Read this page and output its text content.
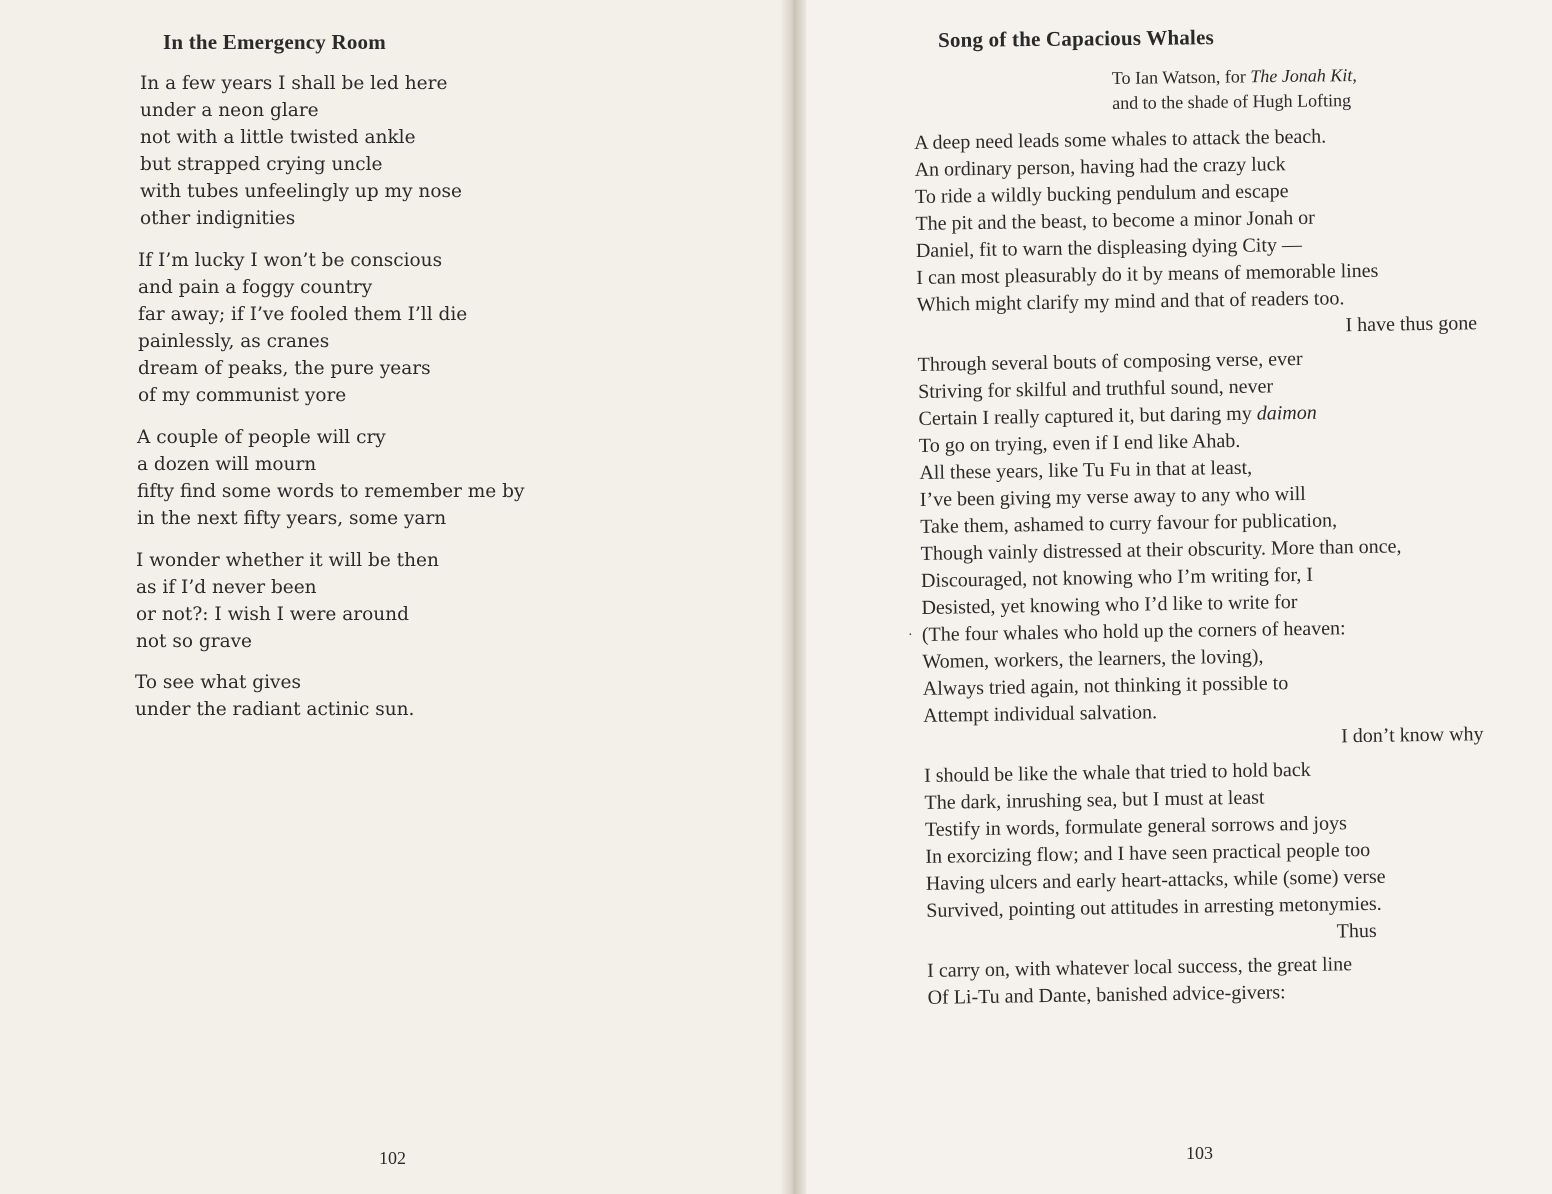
In the Emergency Room
In a few years I shall be led here
under a neon glare
not with a little twisted ankle
but strapped crying uncle
with tubes unfeelingly up my nose
other indignities
If I’m lucky I won’t be conscious
and pain a foggy country
far away; if I’ve fooled them I’ll die
painlessly, as cranes
dream of peaks, the pure years
of my communist yore
A couple of people will cry
a dozen will mourn
fifty find some words to remember me by
in the next fifty years, some yarn
I wonder whether it will be then
as if I’d never been
or not?: I wish I were around
not so grave
To see what gives
under the radiant actinic sun.
102
Song of the Capacious Whales
To Ian Watson, for The Jonah Kit,
and to the shade of Hugh Lofting
A deep need leads some whales to attack the beach.
An ordinary person, having had the crazy luck
To ride a wildly bucking pendulum and escape
The pit and the beast, to become a minor Jonah or
Daniel, fit to warn the displeasing dying City —
I can most pleasurably do it by means of memorable lines
Which might clarify my mind and that of readers too.
I have thus gone
Through several bouts of composing verse, ever
Striving for skilful and truthful sound, never
Certain I really captured it, but daring my daimon
To go on trying, even if I end like Ahab.
All these years, like Tu Fu in that at least,
I’ve been giving my verse away to any who will
Take them, ashamed to curry favour for publication,
Though vainly distressed at their obscurity. More than once,
Discouraged, not knowing who I’m writing for, I
Desisted, yet knowing who I’d like to write for
(The four whales who hold up the corners of heaven:
Women, workers, the learners, the loving),
Always tried again, not thinking it possible to
Attempt individual salvation.
I don’t know why
I should be like the whale that tried to hold back
The dark, inrushing sea, but I must at least
Testify in words, formulate general sorrows and joys
In exorcizing flow; and I have seen practical people too
Having ulcers and early heart-attacks, while (some) verse
Survived, pointing out attitudes in arresting metonymies.
Thus
I carry on, with whatever local success, the great line
Of Li-Tu and Dante, banished advice-givers:
·
103
